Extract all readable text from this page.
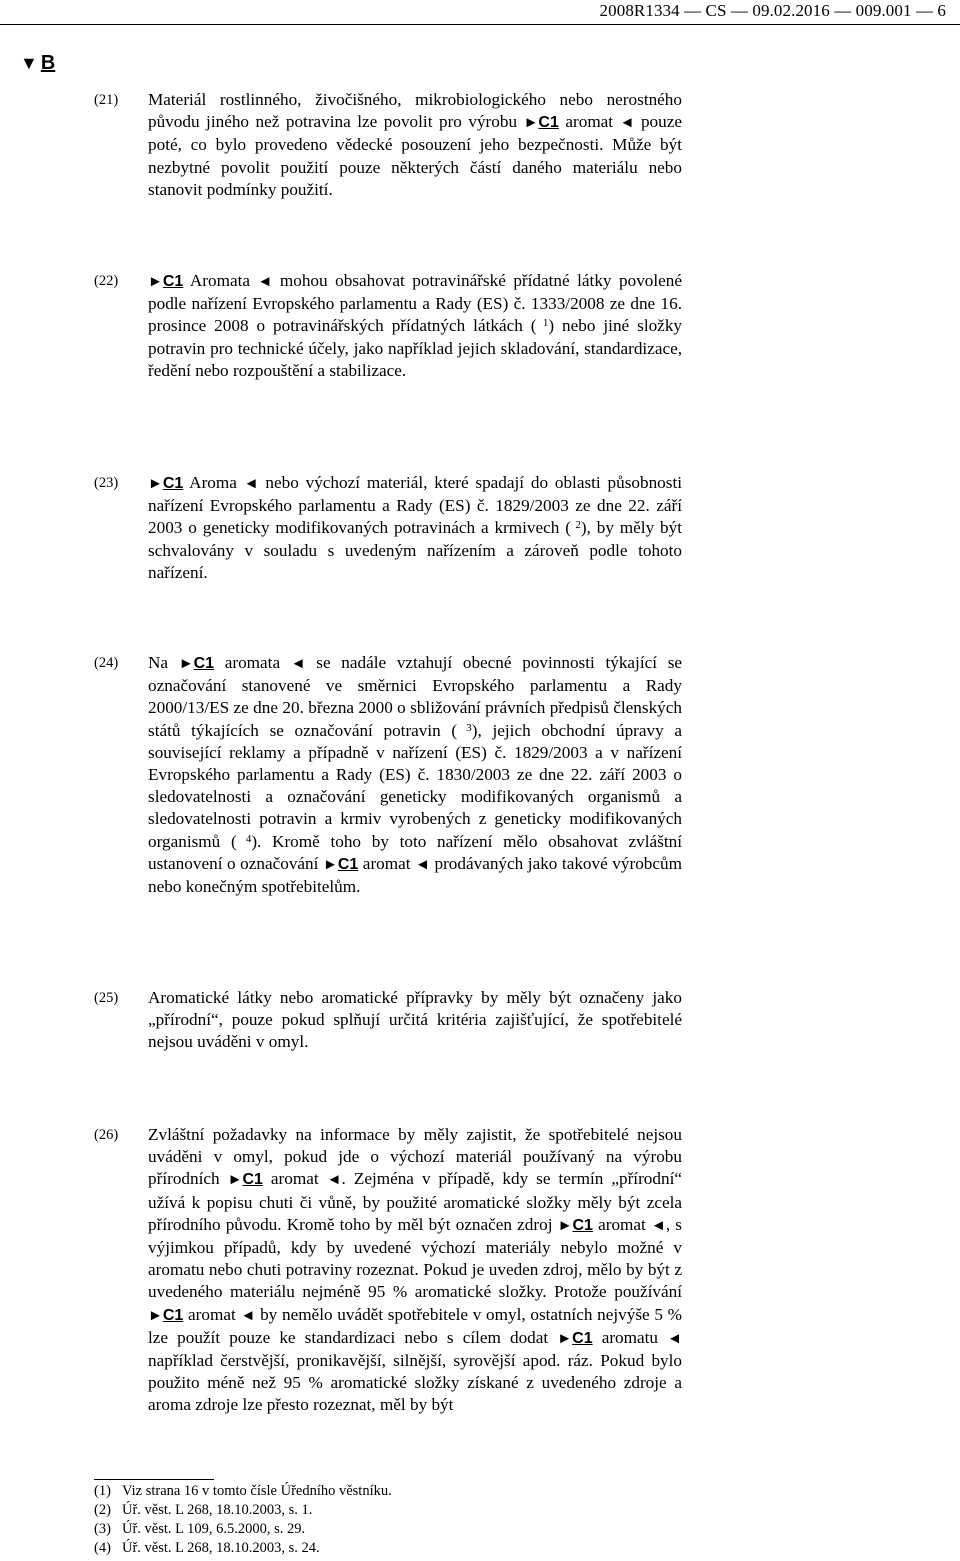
2008R1334 — CS — 09.02.2016 — 009.001 — 6
▼ B
(21) Materiál rostlinného, živočišného, mikrobiologického nebo nerostného původu jiného než potravina lze povolit pro výrobu ►C1 aromat ◄ pouze poté, co bylo provedeno vědecké posouzení jeho bezpečnosti. Může být nezbytné povolit použití pouze některých částí daného materiálu nebo stanovit podmínky použití.
(22) ►C1 Aromata ◄ mohou obsahovat potravinářské přídatné látky povolené podle nařízení Evropského parlamentu a Rady (ES) č. 1333/2008 ze dne 16. prosince 2008 o potravinářských přídatných látkách ( $^1$) nebo jiné složky potravin pro technické účely, jako například jejich skladování, standardizace, ředění nebo rozpouštění a stabilizace.
(23) ►C1 Aroma ◄ nebo výchozí materiál, které spadají do oblasti působnosti nařízení Evropského parlamentu a Rady (ES) č. 1829/2003 ze dne 22. září 2003 o geneticky modifikovaných potravinách a krmivech ( $^2$), by měly být schvalovány v souladu s uvedeným nařízením a zároveň podle tohoto nařízení.
(24) Na ►C1 aromata ◄ se nadále vztahují obecné povinnosti týkající se označování stanovené ve směrnici Evropského parlamentu a Rady 2000/13/ES ze dne 20. března 2000 o sbližování právních předpisů členských států týkajících se označování potravin ( $^3$), jejich obchodní úpravy a související reklamy a případně v nařízení (ES) č. 1829/2003 a v nařízení Evropského parlamentu a Rady (ES) č. 1830/2003 ze dne 22. září 2003 o sledovatelnosti a označování geneticky modifikovaných organismů a sledovatelnosti potravin a krmiv vyrobených z geneticky modifikovaných organismů ( $^4$). Kromě toho by toto nařízení mělo obsahovat zvláštní ustanovení o označování ►C1 aromat ◄ prodávaných jako takové výrobcům nebo konečným spotřebitelům.
(25) Aromatické látky nebo aromatické přípravky by měly být označeny jako „přírodní“, pouze pokud splňují určitá kritéria zajišťující, že spotřebitelé nejsou uváděni v omyl.
(26) Zvláštní požadavky na informace by měly zajistit, že spotřebitelé nejsou uváděni v omyl, pokud jde o výchozí materiál používaný na výrobu přírodních ►C1 aromat ◄. Zejména v případě, kdy se termín „přírodní“ užívá k popisu chuti či vůně, by použité aromatické složky měly být zcela přírodního původu. Kromě toho by měl být označen zdroj ►C1 aromat ◄, s výjimkou případů, kdy by uvedené výchozí materiály nebylo možné v aromatu nebo chuti potraviny rozeznat. Pokud je uveden zdroj, mělo by být z uvedeného materiálu nejméně 95 % aromatické složky. Protože používání ►C1 aromat ◄ by nemělo uvádět spotřebitele v omyl, ostatních nejvýše 5 % lze použít pouze ke standardizaci nebo s cílem dodat ►C1 aromatu ◄ například čerstvější, pronikavější, silnější, syrovější apod. ráz. Pokud bylo použito méně než 95 % aromatické složky získané z uvedeného zdroje a aroma zdroje lze přesto rozeznat, měl by být
(1) Viz strana 16 v tomto čísle Úředního věstníku.
(2) Úř. věst. L 268, 18.10.2003, s. 1.
(3) Úř. věst. L 109, 6.5.2000, s. 29.
(4) Úř. věst. L 268, 18.10.2003, s. 24.
